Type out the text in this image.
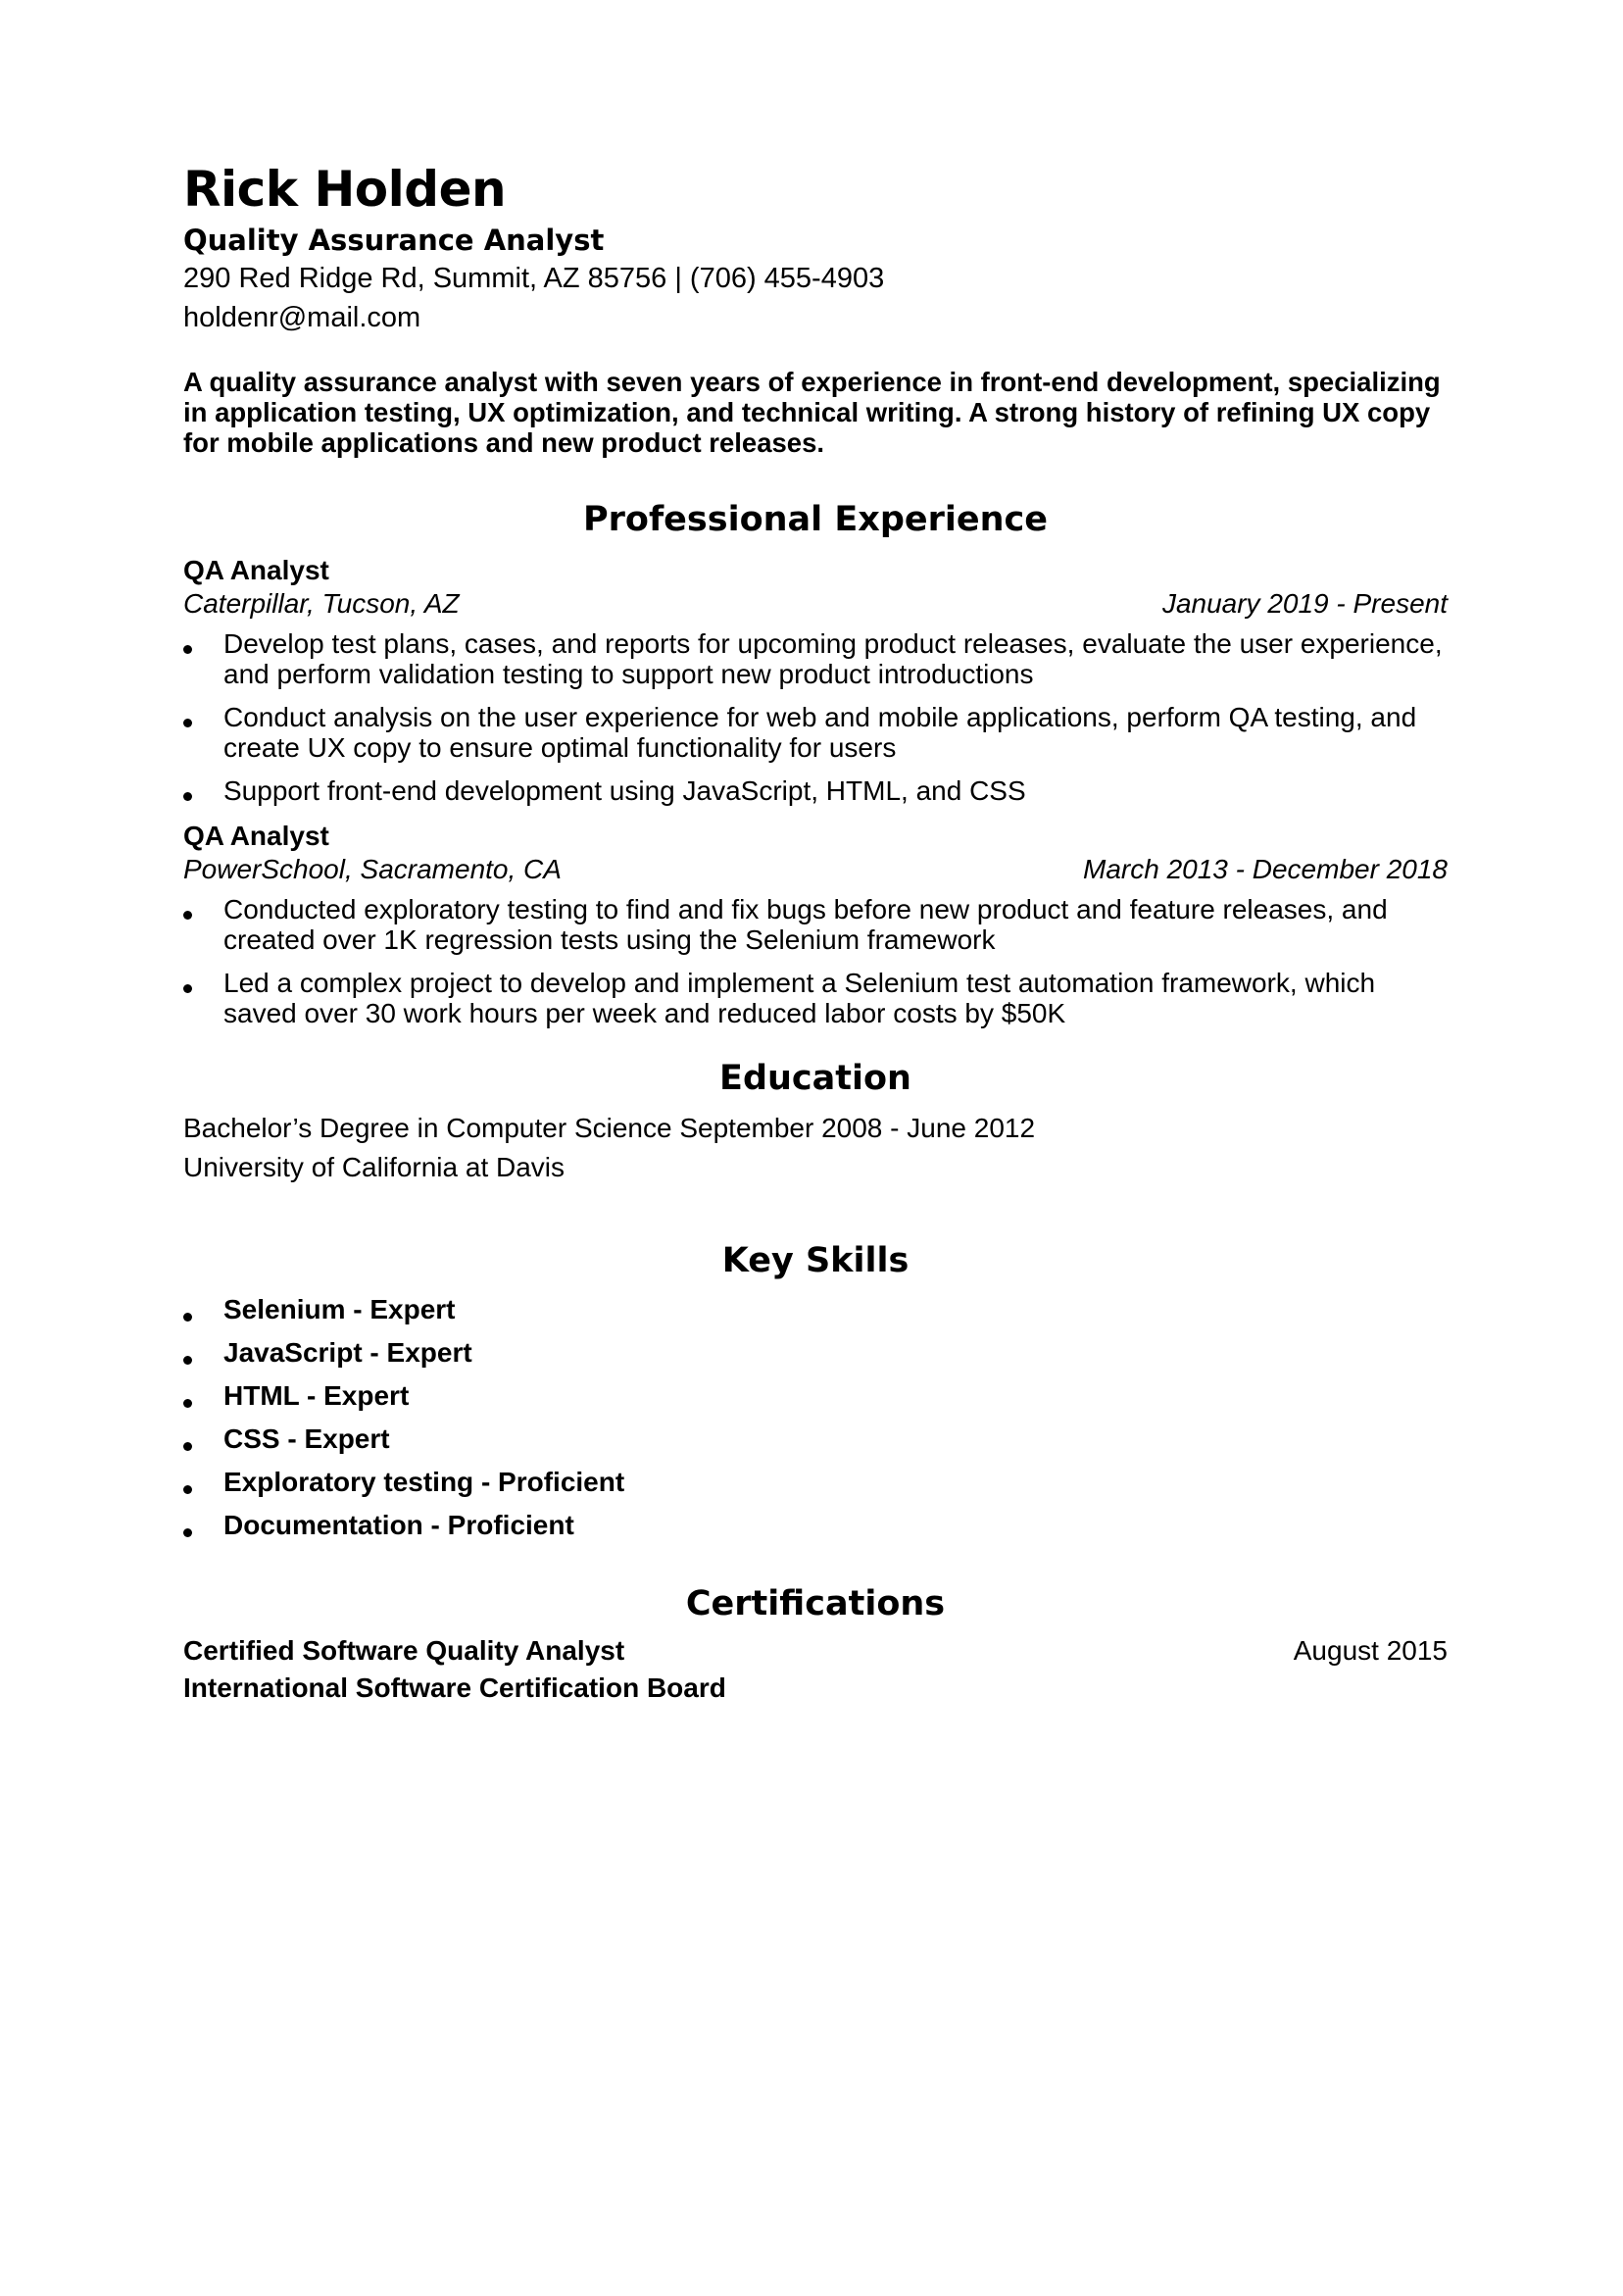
Rick Holden
Quality Assurance Analyst
290 Red Ridge Rd, Summit, AZ 85756 | (706) 455-4903
holdenr@mail.com

A quality assurance analyst with seven years of experience in front-end development, specializing in application testing, UX optimization, and technical writing. A strong history of refining UX copy for mobile applications and new product releases.

Professional Experience
QA Analyst
Caterpillar, Tucson, AZ	January 2019 - Present
Develop test plans, cases, and reports for upcoming product releases, evaluate the user experience, and perform validation testing to support new product introductions
Conduct analysis on the user experience for web and mobile applications, perform QA testing, and create UX copy to ensure optimal functionality for users
Support front-end development using JavaScript, HTML, and CSS
QA Analyst
PowerSchool, Sacramento, CA	March 2013 - December 2018
Conducted exploratory testing to find and fix bugs before new product and feature releases, and created over 1K regression tests using the Selenium framework
Led a complex project to develop and implement a Selenium test automation framework, which saved over 30 work hours per week and reduced labor costs by $50K
Education
Bachelor’s Degree in Computer Science September 2008 - June 2012
University of California at Davis
Key Skills
Selenium - Expert
JavaScript - Expert
HTML - Expert
CSS - Expert
Exploratory testing - Proficient
Documentation - Proficient
Certifications
Certified Software Quality Analyst	August 2015
International Software Certification Board
